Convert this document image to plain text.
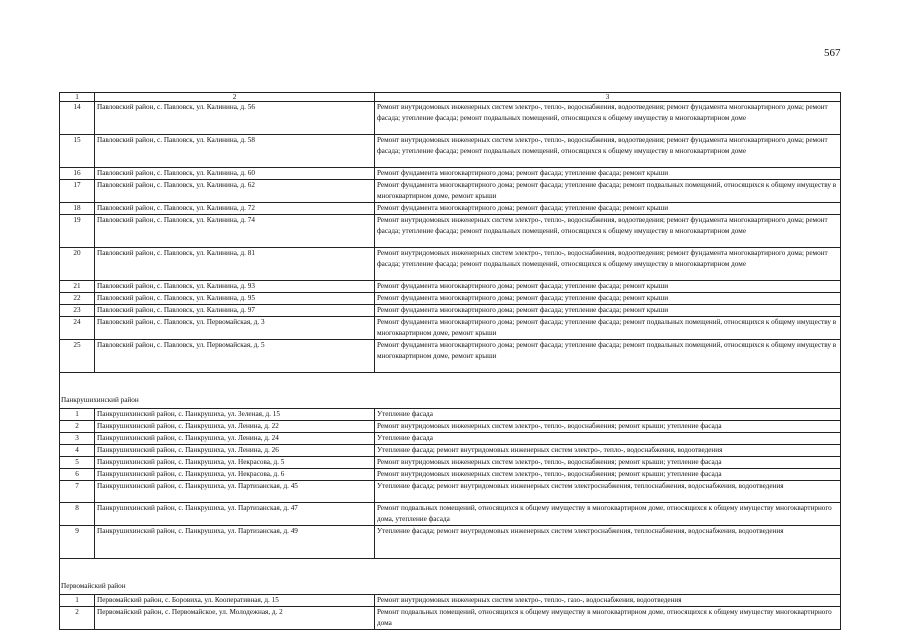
567
1	2	3
14	Павловский район, с. Павловск, ул. Калинина, д. 56	Ремонт внутридомовых инженерных систем электро-, тепло-, водоснабжения, водоотведения; ремонт фундамента многоквартирного дома; ремонт фасада; утепление фасада; ремонт подвальных помещений, относящихся к общему имуществу в многоквартирном доме
15	Павловский район, с. Павловск, ул. Калинина, д. 58	Ремонт внутридомовых инженерных систем электро-, тепло-, водоснабжения, водоотведения; ремонт фундамента многоквартирного дома; ремонт фасада; утепление фасада; ремонт подвальных помещений, относящихся к общему имуществу в многоквартирном доме
16	Павловский район, с. Павловск, ул. Калинина, д. 60	Ремонт фундамента многоквартирного дома; ремонт фасада; утепление фасада; ремонт крыши
17	Павловский район, с. Павловск, ул. Калинина, д. 62	Ремонт фундамента многоквартирного дома; ремонт фасада; утепление фасада; ремонт подвальных помещений, относящихся к общему имуществу в многоквартирном доме, ремонт крыши
18	Павловский район, с. Павловск, ул. Калинина, д. 72	Ремонт фундамента многоквартирного дома; ремонт фасада; утепление фасада; ремонт крыши
19	Павловский район, с. Павловск, ул. Калинина, д. 74	Ремонт внутридомовых инженерных систем электро-, тепло-, водоснабжения, водоотведения; ремонт фундамента многоквартирного дома; ремонт фасада; утепление фасада; ремонт подвальных помещений, относящихся к общему имуществу в многоквартирном доме
20	Павловский район, с. Павловск, ул. Калинина, д. 81	Ремонт внутридомовых инженерных систем электро-, тепло-, водоснабжения, водоотведения; ремонт фундамента многоквартирного дома; ремонт фасада; утепление фасада; ремонт подвальных помещений, относящихся к общему имуществу в многоквартирном доме
21	Павловский район, с. Павловск, ул. Калинина, д. 93	Ремонт фундамента многоквартирного дома; ремонт фасада; утепление фасада; ремонт крыши
22	Павловский район, с. Павловск, ул. Калинина, д. 95	Ремонт фундамента многоквартирного дома; ремонт фасада; утепление фасада; ремонт крыши
23	Павловский район, с. Павловск, ул. Калинина, д. 97	Ремонт фундамента многоквартирного дома; ремонт фасада; утепление фасада; ремонт крыши
24	Павловский район, с. Павловск, ул. Первомайская, д. 3	Ремонт фундамента многоквартирного дома; ремонт фасада; утепление фасада; ремонт подвальных помещений, относящихся к общему имуществу в многоквартирном доме, ремонт крыши
25	Павловский район, с. Павловск, ул. Первомайская, д. 5	Ремонт фундамента многоквартирного дома; ремонт фасада; утепление фасада; ремонт подвальных помещений, относящихся к общему имуществу в многоквартирном доме, ремонт крыши
Панкрушихинский район		
1	Панкрушихинский район, с. Панкрушиха, ул. Зеленая, д. 15	Утепление фасада
2	Панкрушихинский район, с. Панкрушиха, ул. Ленина, д. 22	Ремонт внутридомовых инженерных систем электро-, тепло-, водоснабжения; ремонт крыши; утепление фасада
3	Панкрушихинский район, с. Панкрушиха, ул. Ленина, д. 24	Утепление фасада
4	Панкрушихинский район, с. Панкрушиха, ул. Ленина, д. 26	Утепление фасада; ремонт внутридомовых инженерных систем электро-, тепло-, водоснабжения, водоотведения
5	Панкрушихинский район, с. Панкрушиха, ул. Некрасова, д. 5	Ремонт внутридомовых инженерных систем электро-, тепло-, водоснабжения; ремонт крыши; утепление фасада
6	Панкрушихинский район, с. Панкрушиха, ул. Некрасова, д. 6	Ремонт внутридомовых инженерных систем электро-, тепло-, водоснабжения; ремонт крыши; утепление фасада
7	Панкрушихинский район, с. Панкрушиха, ул. Партизанская, д. 45	Утепление фасада; ремонт внутридомовых инженерных систем электроснабжения, теплоснабжения, водоснабжения, водоотведения
8	Панкрушихинский район, с. Панкрушиха, ул. Партизанская, д. 47	Ремонт подвальных помещений, относящихся к общему имуществу в многоквартирном доме, относящихся к общему имуществу многоквартирного дома, утепление фасада
9	Панкрушихинский район, с. Панкрушиха, ул. Партизанская, д. 49	Утепление фасада; ремонт внутридомовых инженерных систем электроснабжения, теплоснабжения, водоснабжения, водоотведения
Первомайский район		
1	Первомайский район, с. Боровиха, ул. Кооперативная, д. 15	Ремонт внутридомовых инженерных систем электро-, тепло-, газо-, водоснабжения, водоотведения
2	Первомайский район, с. Первомайское, ул. Молодежная, д. 2	Ремонт подвальных помещений, относящихся к общему имуществу в многоквартирном доме, относящихся к общему имуществу многоквартирного дома
